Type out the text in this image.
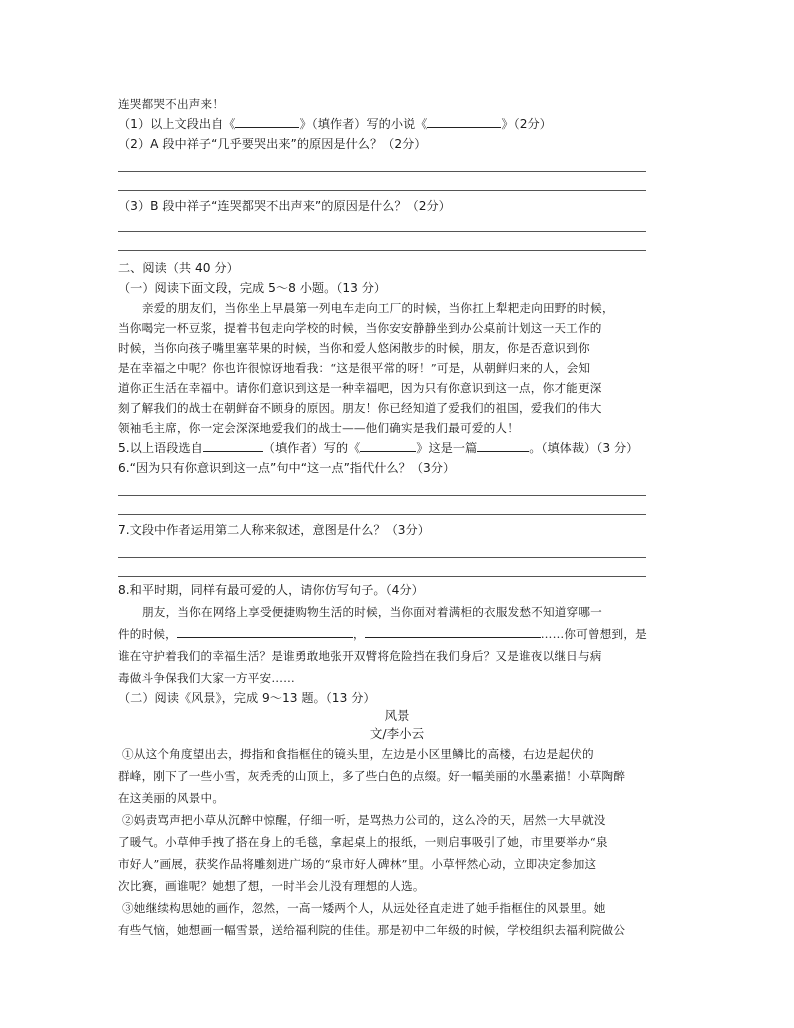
连哭都哭不出声来！
（1）以上文段出自《	》（填作者）写的小说《	》（2分）
（2）A 段中祥子“几乎要哭出来”的原因是什么？（2分）
（3）B 段中祥子“连哭都哭不出声来”的原因是什么？（2分）
二、阅读（共 40 分）
（一）阅读下面文段，完成 5～8 小题。（13 分）
亲爱的朋友们，当你坐上早晨第一列电车走向工厂的时候，当你扛上犁耙走向田野的时候，
当你喝完一杯豆浆，提着书包走向学校的时候，当你安安静静坐到办公桌前计划这一天工作的
时候，当你向孩子嘴里塞苹果的时候，当你和爱人悠闲散步的时候，朋友，你是否意识到你
是在幸福之中呢？你也许很惊讶地看我：“这是很平常的呀！”可是，从朝鲜归来的人，会知
道你正生活在幸福中。请你们意识到这是一种幸福吧，因为只有你意识到这一点，你才能更深
刻了解我们的战士在朝鲜奋不顾身的原因。朋友！你已经知道了爱我们的祖国，爱我们的伟大
领袖毛主席，你一定会深深地爱我们的战士——他们确实是我们最可爱的人！
5.以上语段选自	（填作者）写的《	》这是一篇	。（填体裁）（3 分）
6.“因为只有你意识到这一点”句中“这一点”指代什么？（3分）
7.文段中作者运用第二人称来叙述，意图是什么？（3分）
8.和平时期，同样有最可爱的人，请你仿写句子。（4分）
朋友，当你在网络上享受便捷购物生活的时候，当你面对着满柜的衣服发愁不知道穿哪一
件的时候，	，	……你可曾想到，是
谁在守护着我们的幸福生活？是谁勇敢地张开双臂将危险挡在我们身后？又是谁夜以继日与病
毒做斗争保我们大家一方平安……
（二）阅读《风景》，完成 9～13 题。（13 分）
风景
文/李小云
①从这个角度望出去，拇指和食指框住的镜头里，左边是小区里鳞比的高楼，右边是起伏的
群峰，刚下了一些小雪，灰秃秃的山顶上，多了些白色的点缀。好一幅美丽的水墨素描！小草陶醉
在这美丽的风景中。
②妈责骂声把小草从沉醉中惊醒，仔细一听，是骂热力公司的，这么冷的天，居然一大早就没
了暖气。小草伸手拽了搭在身上的毛毯，拿起桌上的报纸，一则启事吸引了她，市里要举办“泉
市好人”画展，获奖作品将雕刻进广场的“泉市好人碑林”里。小草怦然心动，立即决定参加这
次比赛，画谁呢？她想了想，一时半会儿没有理想的人选。
③她继续构思她的画作，忽然，一高一矮两个人，从远处径直走进了她手指框住的风景里。她
有些气恼，她想画一幅雪景，送给福利院的佳佳。那是初中二年级的时候，学校组织去福利院做公
